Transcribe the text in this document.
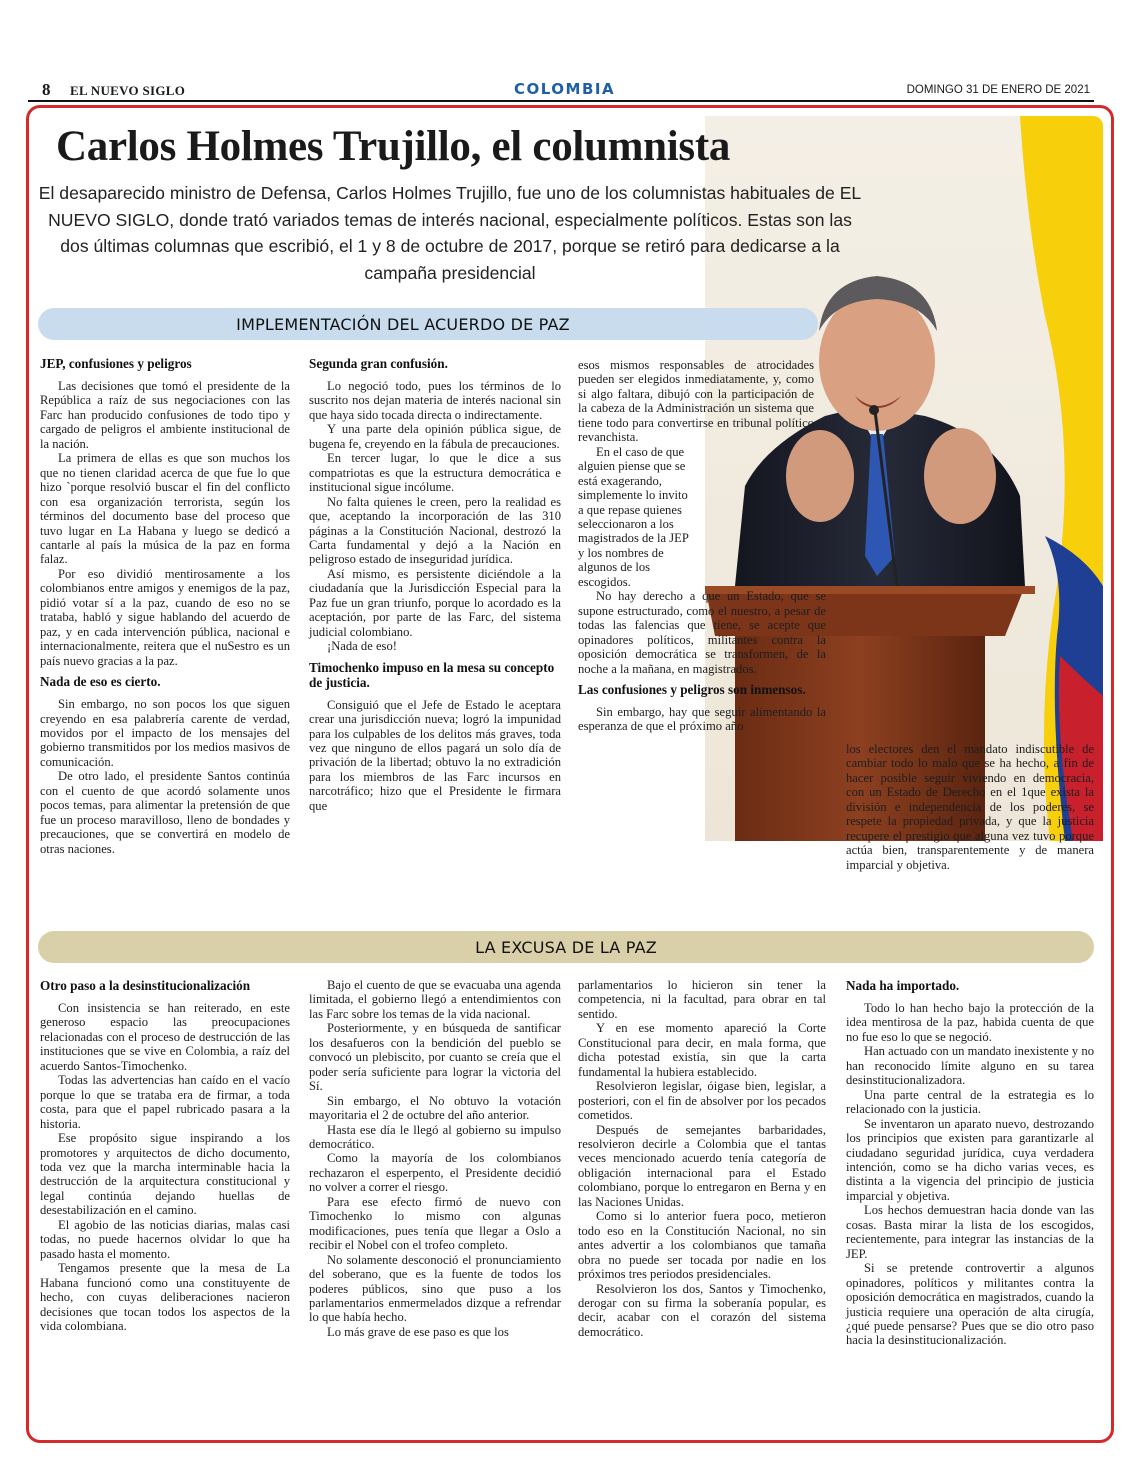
8 EL NUEVO SIGLO	COLOMBIA	DOMINGO 31 DE ENERO DE 2021
Carlos Holmes Trujillo, el columnista

El desaparecido ministro de Defensa, Carlos Holmes Trujillo, fue uno de los columnistas habituales de EL NUEVO SIGLO, donde trató variados temas de interés nacional, especialmente políticos. Estas son las dos últimas columnas que escribió, el 1 y 8 de octubre de 2017, porque se retiró para dedicarse a la campaña presidencial

IMPLEMENTACIÓN DEL ACUERDO DE PAZ
JEP, confusiones y peligros

Las decisiones que tomó el presidente de la República a raíz de sus negociaciones con las Farc han producido confusiones de todo tipo y cargado de peligros el ambiente institucional de la nación.

La primera de ellas es que son muchos los que no tienen claridad acerca de que fue lo que hizo `porque resolvió buscar el fin del conflicto con esa organización terrorista, según los términos del documento base del proceso que tuvo lugar en La Habana y luego se dedicó a cantarle al país la música de la paz en forma falaz.

Por eso dividió mentirosamente a los colombianos entre amigos y enemigos de la paz, pidió votar sí a la paz, cuando de eso no se trataba, habló y sigue hablando del acuerdo de paz, y en cada intervención pública, nacional e internacionalmente, reitera que el nuSestro es un país nuevo gracias a la paz.

Nada de eso es cierto.

Sin embargo, no son pocos los que siguen creyendo en esa palabrería carente de verdad, movidos por el impacto de los mensajes del gobierno transmitidos por los medios masivos de comunicación.

De otro lado, el presidente Santos continúa con el cuento de que acordó solamente unos pocos temas, para alimentar la pretensión de que fue un proceso maravilloso, lleno de bondades y precauciones, que se convertirá en modelo de otras naciones.

Segunda gran confusión.

Lo negoció todo, pues los términos de lo suscrito nos dejan materia de interés nacional sin que haya sido tocada directa o indirectamente.

Y una parte dela opinión pública sigue, de bugena fe, creyendo en la fábula de precauciones.

En tercer lugar, lo que le dice a sus compatriotas es que la estructura democrática e institucional sigue incólume.

No falta quienes le creen, pero la realidad es que, aceptando la incorporación de las 310 páginas a la Constitución Nacional, destrozó la Carta fundamental y dejó a la Nación en peligroso estado de inseguridad jurídica.

Así mismo, es persistente diciéndole a la ciudadanía que la Jurisdicción Especial para la Paz fue un gran triunfo, porque lo acordado es la aceptación, por parte de las Farc, del sistema judicial colombiano.

¡Nada de eso!

Timochenko impuso en la mesa su concepto de justicia.

Consiguió que el Jefe de Estado le aceptara crear una jurisdicción nueva; logró la impunidad para los culpables de los delitos más graves, toda vez que ninguno de ellos pagará un solo día de privación de la libertad; obtuvo la no extradición para los miembros de las Farc incursos en narcotráfico; hizo que el Presidente le firmara que

esos mismos responsables de atrocidades pueden ser elegidos inmediatamente, y, como si algo faltara, dibujó con la participación de la cabeza de la Administración un sistema que tiene todo para convertirse en tribunal político revanchista.

En el caso de que alguien piense que se está exagerando, simplemente lo invito a que repase quienes seleccionaron a los magistrados de la JEP y los nombres de algunos de los escogidos.

No hay derecho a que un Estado, que se supone estructurado, como el nuestro, a pesar de todas las falencias que tiene, se acepte que opinadores políticos, militantes contra la oposición democrática se transformen, de la noche a la mañana, en magistrados.

Las confusiones y peligros son inmensos.

Sin embargo, hay que seguir alimentando la esperanza de que el próximo año

los electores den el mandato indiscutible de cambiar todo lo malo que se ha hecho, a fin de hacer posible seguir viviendo en democracia, con un Estado de Derecho en el 1que exista la división e independencia de los poderes, se respete la propiedad privada, y que la justicia recupere el prestigio que alguna vez tuvo porque actúa bien, transparentemente y de manera imparcial y objetiva.

LA EXCUSA DE LA PAZ
Otro paso a la desinstitucionalización

Con insistencia se han reiterado, en este generoso espacio las preocupaciones relacionadas con el proceso de destrucción de las instituciones que se vive en Colombia, a raíz del acuerdo Santos-Timochenko.

Todas las advertencias han caído en el vacío porque lo que se trataba era de firmar, a toda costa, para que el papel rubricado pasara a la historia.

Ese propósito sigue inspirando a los promotores y arquitectos de dicho documento, toda vez que la marcha interminable hacia la destrucción de la arquitectura constitucional y legal continúa dejando huellas de desestabilización en el camino.

El agobio de las noticias diarias, malas casi todas, no puede hacernos olvidar lo que ha pasado hasta el momento.

Tengamos presente que la mesa de La Habana funcionó como una constituyente de hecho, con cuyas deliberaciones nacieron decisiones que tocan todos los aspectos de la vida colombiana.

Bajo el cuento de que se evacuaba una agenda limitada, el gobierno llegó a entendimientos con las Farc sobre los temas de la vida nacional.

Posteriormente, y en búsqueda de santificar los desafueros con la bendición del pueblo se convocó un plebiscito, por cuanto se creía que el poder sería suficiente para lograr la victoria del Sí.

Sin embargo, el No obtuvo la votación mayoritaria el 2 de octubre del año anterior.

Hasta ese día le llegó al gobierno su impulso democrático.

Como la mayoría de los colombianos rechazaron el esperpento, el Presidente decidió no volver a correr el riesgo.

Para ese efecto firmó de nuevo con Timochenko lo mismo con algunas modificaciones, pues tenía que llegar a Oslo a recibir el Nobel con el trofeo completo.

No solamente desconoció el pronunciamiento del soberano, que es la fuente de todos los poderes públicos, sino que puso a los parlamentarios enmermelados dizque a refrendar lo que había hecho.

Lo más grave de ese paso es que los

parlamentarios lo hicieron sin tener la competencia, ni la facultad, para obrar en tal sentido.

Y en ese momento apareció la Corte Constitucional para decir, en mala forma, que dicha potestad existía, sin que la carta fundamental la hubiera establecido.

Resolvieron legislar, óigase bien, legislar, a posteriori, con el fin de absolver por los pecados cometidos.

Después de semejantes barbaridades, resolvieron decirle a Colombia que el tantas veces mencionado acuerdo tenía categoría de obligación internacional para el Estado colombiano, porque lo entregaron en Berna y en las Naciones Unidas.

Como si lo anterior fuera poco, metieron todo eso en la Constitución Nacional, no sin antes advertir a los colombianos que tamaña obra no puede ser tocada por nadie en los próximos tres periodos presidenciales.

Resolvieron los dos, Santos y Timochenko, derogar con su firma la soberanía popular, es decir, acabar con el corazón del sistema democrático.

Nada ha importado.

Todo lo han hecho bajo la protección de la idea mentirosa de la paz, habida cuenta de que no fue eso lo que se negoció.

Han actuado con un mandato inexistente y no han reconocido límite alguno en su tarea desinstitucionalizadora.

Una parte central de la estrategia es lo relacionado con la justicia.

Se inventaron un aparato nuevo, destrozando los principios que existen para garantizarle al ciudadano seguridad jurídica, cuya verdadera intención, como se ha dicho varias veces, es distinta a la vigencia del principio de justicia imparcial y objetiva.

Los hechos demuestran hacia donde van las cosas. Basta mirar la lista de los escogidos, recientemente, para integrar las instancias de la JEP.

Si se pretende controvertir a algunos opinadores, políticos y militantes contra la oposición democrática en magistrados, cuando la justicia requiere una operación de alta cirugía, ¿qué puede pensarse? Pues que se dio otro paso hacia la desinstitucionalización.
